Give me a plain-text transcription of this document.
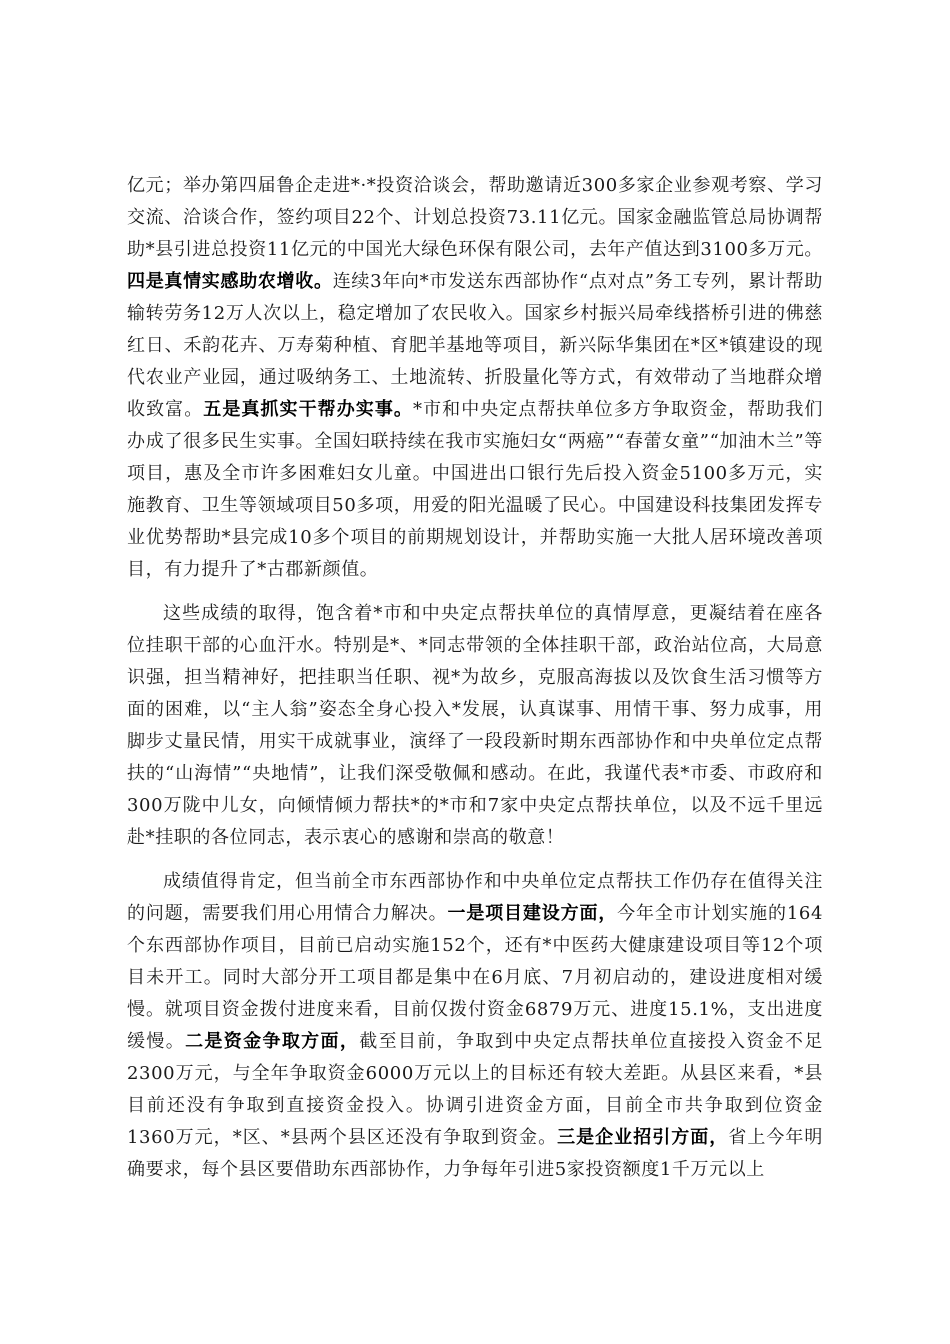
亿元；举办第四届鲁企走进*·*投资洽谈会，帮助邀请近300多家企业参观考察、学习交流、洽谈合作，签约项目22个、计划总投资73.11亿元。国家金融监管总局协调帮助*县引进总投资11亿元的中国光大绿色环保有限公司，去年产值达到3100多万元。四是真情实感助农增收。连续3年向*市发送东西部协作“点对点”务工专列，累计帮助输转劳务12万人次以上，稳定增加了农民收入。国家乡村振兴局牵线搭桥引进的佛慈红日、禾韵花卉、万寿菊种植、育肥羊基地等项目，新兴际华集团在*区*镇建设的现代农业产业园，通过吸纳务工、土地流转、折股量化等方式，有效带动了当地群众增收致富。五是真抓实干帮办实事。*市和中央定点帮扶单位多方争取资金，帮助我们办成了很多民生实事。全国妇联持续在我市实施妇女“两癌”“春蕾女童”“加油木兰”等项目，惠及全市许多困难妇女儿童。中国进出口银行先后投入资金5100多万元，实施教育、卫生等领域项目50多项，用爱的阳光温暖了民心。中国建设科技集团发挥专业优势帮助*县完成10多个项目的前期规划设计，并帮助实施一大批人居环境改善项目，有力提升了*古郡新颜值。

这些成绩的取得，饱含着*市和中央定点帮扶单位的真情厚意，更凝结着在座各位挂职干部的心血汗水。特别是*、*同志带领的全体挂职干部，政治站位高，大局意识强，担当精神好，把挂职当任职、视*为故乡，克服高海拔以及饮食生活习惯等方面的困难，以“主人翁”姿态全身心投入*发展，认真谋事、用情干事、努力成事，用脚步丈量民情，用实干成就事业，演绎了一段段新时期东西部协作和中央单位定点帮扶的“山海情”“央地情”，让我们深受敬佩和感动。在此，我谨代表*市委、市政府和300万陇中儿女，向倾情倾力帮扶*的*市和7家中央定点帮扶单位，以及不远千里远赴*挂职的各位同志，表示衷心的感谢和崇高的敬意！

成绩值得肯定，但当前全市东西部协作和中央单位定点帮扶工作仍存在值得关注的问题，需要我们用心用情合力解决。一是项目建设方面，今年全市计划实施的164个东西部协作项目，目前已启动实施152个，还有*中医药大健康建设项目等12个项目未开工。同时大部分开工项目都是集中在6月底、7月初启动的，建设进度相对缓慢。就项目资金拨付进度来看，目前仅拨付资金6879万元、进度15.1%，支出进度缓慢。二是资金争取方面，截至目前，争取到中央定点帮扶单位直接投入资金不足2300万元，与全年争取资金6000万元以上的目标还有较大差距。从县区来看，*县目前还没有争取到直接资金投入。协调引进资金方面，目前全市共争取到位资金1360万元，*区、*县两个县区还没有争取到资金。三是企业招引方面，省上今年明确要求，每个县区要借助东西部协作，力争每年引进5家投资额度1千万元以上
